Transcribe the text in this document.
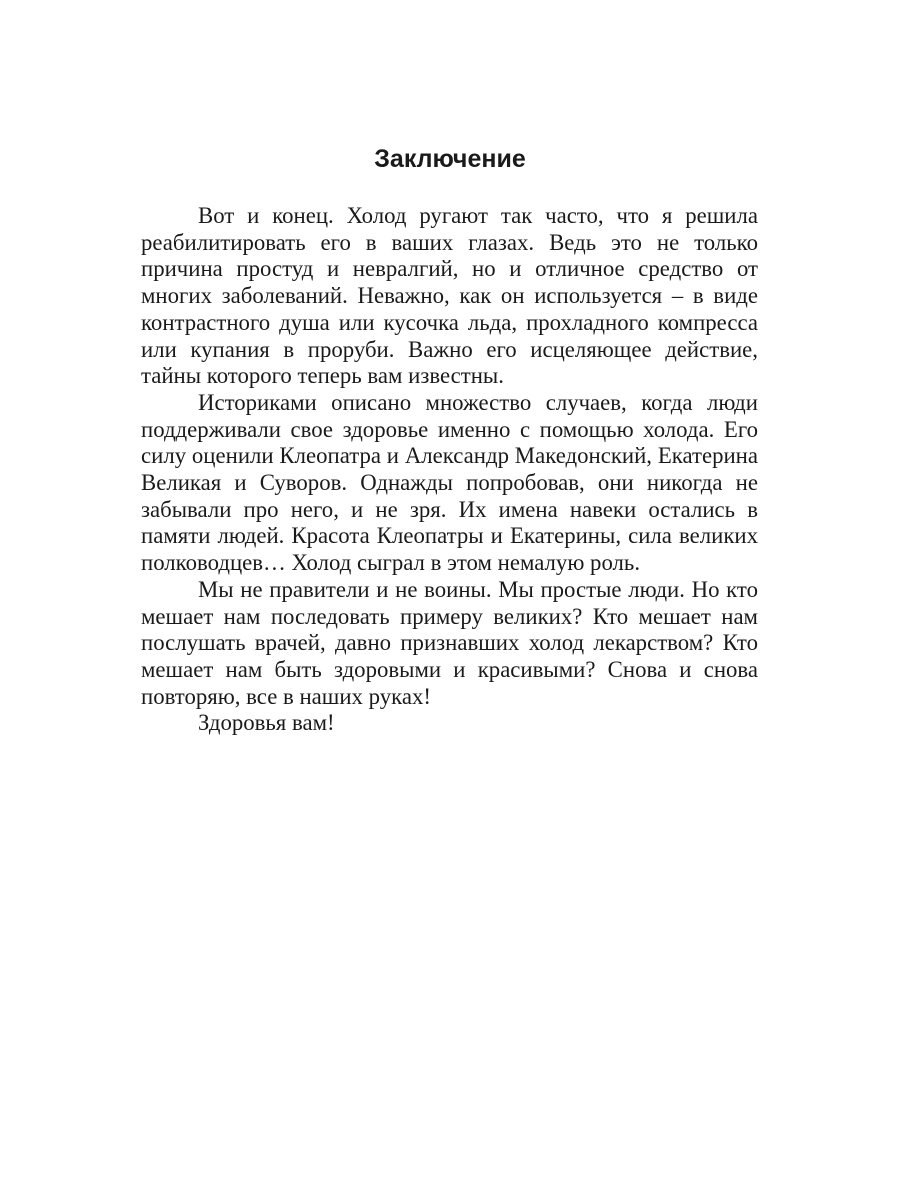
Заключение

Вот и конец. Холод ругают так часто, что я решила реабилитировать его в ваших глазах. Ведь это не только причина простуд и невралгий, но и отличное средство от многих заболеваний. Неважно, как он используется – в виде контрастного душа или кусочка льда, прохладного компресса или купания в проруби. Важно его исцеляющее действие, тайны которого теперь вам известны.

Историками описано множество случаев, когда люди поддерживали свое здоровье именно с помощью холода. Его силу оценили Клеопатра и Александр Македонский, Екатерина Великая и Суворов. Однажды попробовав, они никогда не забывали про него, и не зря. Их имена навеки остались в памяти людей. Красота Клеопатры и Екатерины, сила великих полководцев… Холод сыграл в этом немалую роль.

Мы не правители и не воины. Мы простые люди. Но кто мешает нам последовать примеру великих? Кто мешает нам послушать врачей, давно признавших холод лекарством? Кто мешает нам быть здоровыми и красивыми? Снова и снова повторяю, все в наших руках!

Здоровья вам!
